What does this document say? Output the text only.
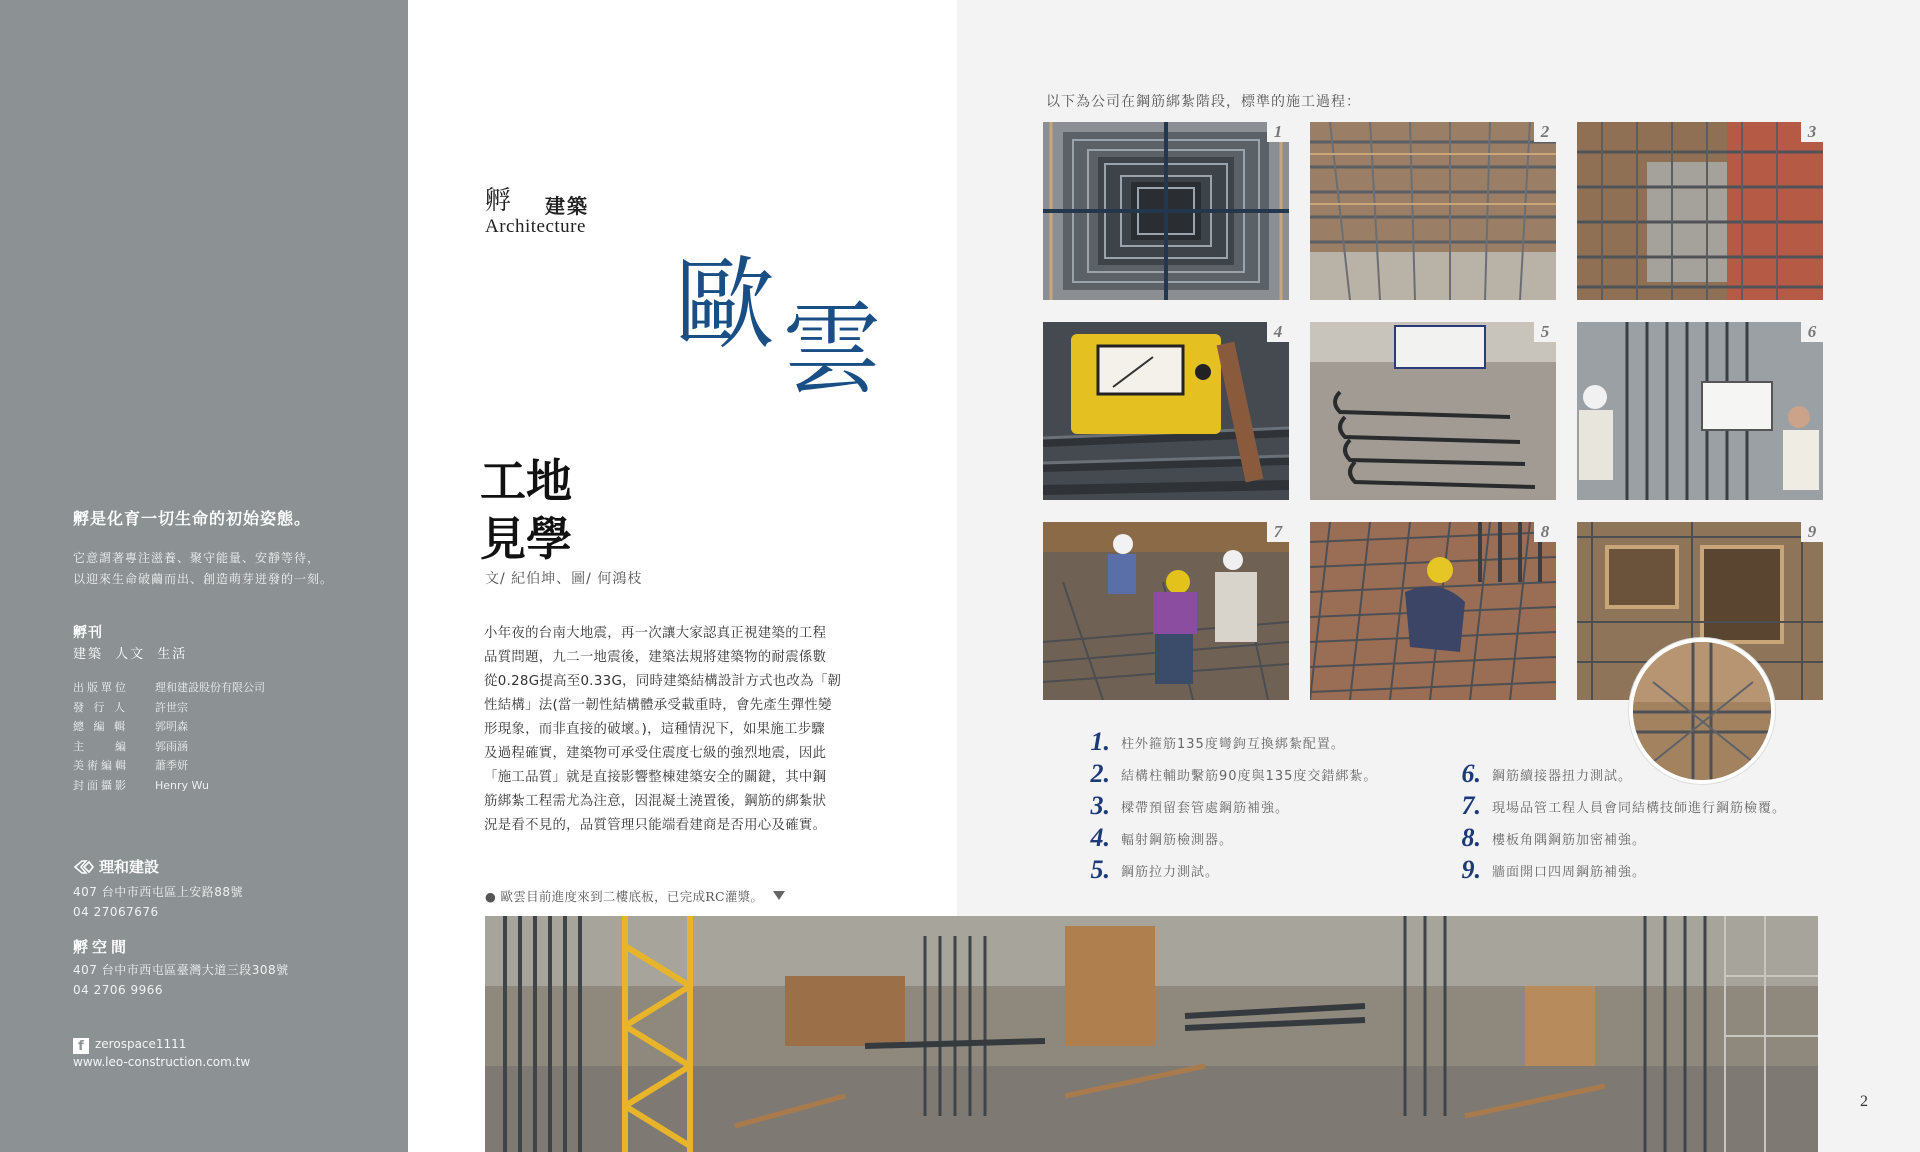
孵是化育一切生命的初始姿態。
它意謂著專注滋養、聚守能量、安靜等待，
以迎來生命破繭而出、創造萌芽迸發的一刻。
孵刊
建築 人文 生活
出版單位	理和建設股份有限公司
發 行 人	許世宗
總 編 輯	郭明森
主　　編	郭雨涵
美術編輯	蕭季妍
封面攝影	Henry Wu
理和建設
407 台中市西屯區上安路88號
04 27067676
孵空間
407 台中市西屯區臺灣大道三段308號
04 2706 9966
f zerospace1111
www.leo-construction.com.tw
孵 建築
Architecture
歐 雲
工地
見學
文/ 紀伯坤、圖/ 何鴻枝
小年夜的台南大地震，再一次讓大家認真正視建築的工程
品質問題，九二一地震後，建築法規將建築物的耐震係數
從0.28G提高至0.33G，同時建築結構設計方式也改為「韌
性結構」法(當一韌性結構體承受載重時，會先產生彈性變
形現象，而非直接的破壞。)，這種情況下，如果施工步驟
及過程確實，建築物可承受住震度七級的強烈地震，因此
「施工品質」就是直接影響整棟建築安全的關鍵，其中鋼
筋綁紮工程需尤為注意，因混凝土澆置後，鋼筋的綁紮狀
況是看不見的，品質管理只能端看建商是否用心及確實。
● 歐雲目前進度來到二樓底板，已完成RC灌漿。
以下為公司在鋼筋綁紮階段，標準的施工過程：
1	2	3
4	5	6
7	8	9
1. 柱外箍筋135度彎鉤互換綁紮配置。
2. 結構柱輔助繫筋90度與135度交錯綁紮。
3. 樑帶預留套管處鋼筋補強。
4. 輻射鋼筋檢測器。
5. 鋼筋拉力測試。
6. 鋼筋續接器扭力測試。
7. 現場品管工程人員會同結構技師進行鋼筋檢覆。
8. 樓板角隅鋼筋加密補強。
9. 牆面開口四周鋼筋補強。
2
